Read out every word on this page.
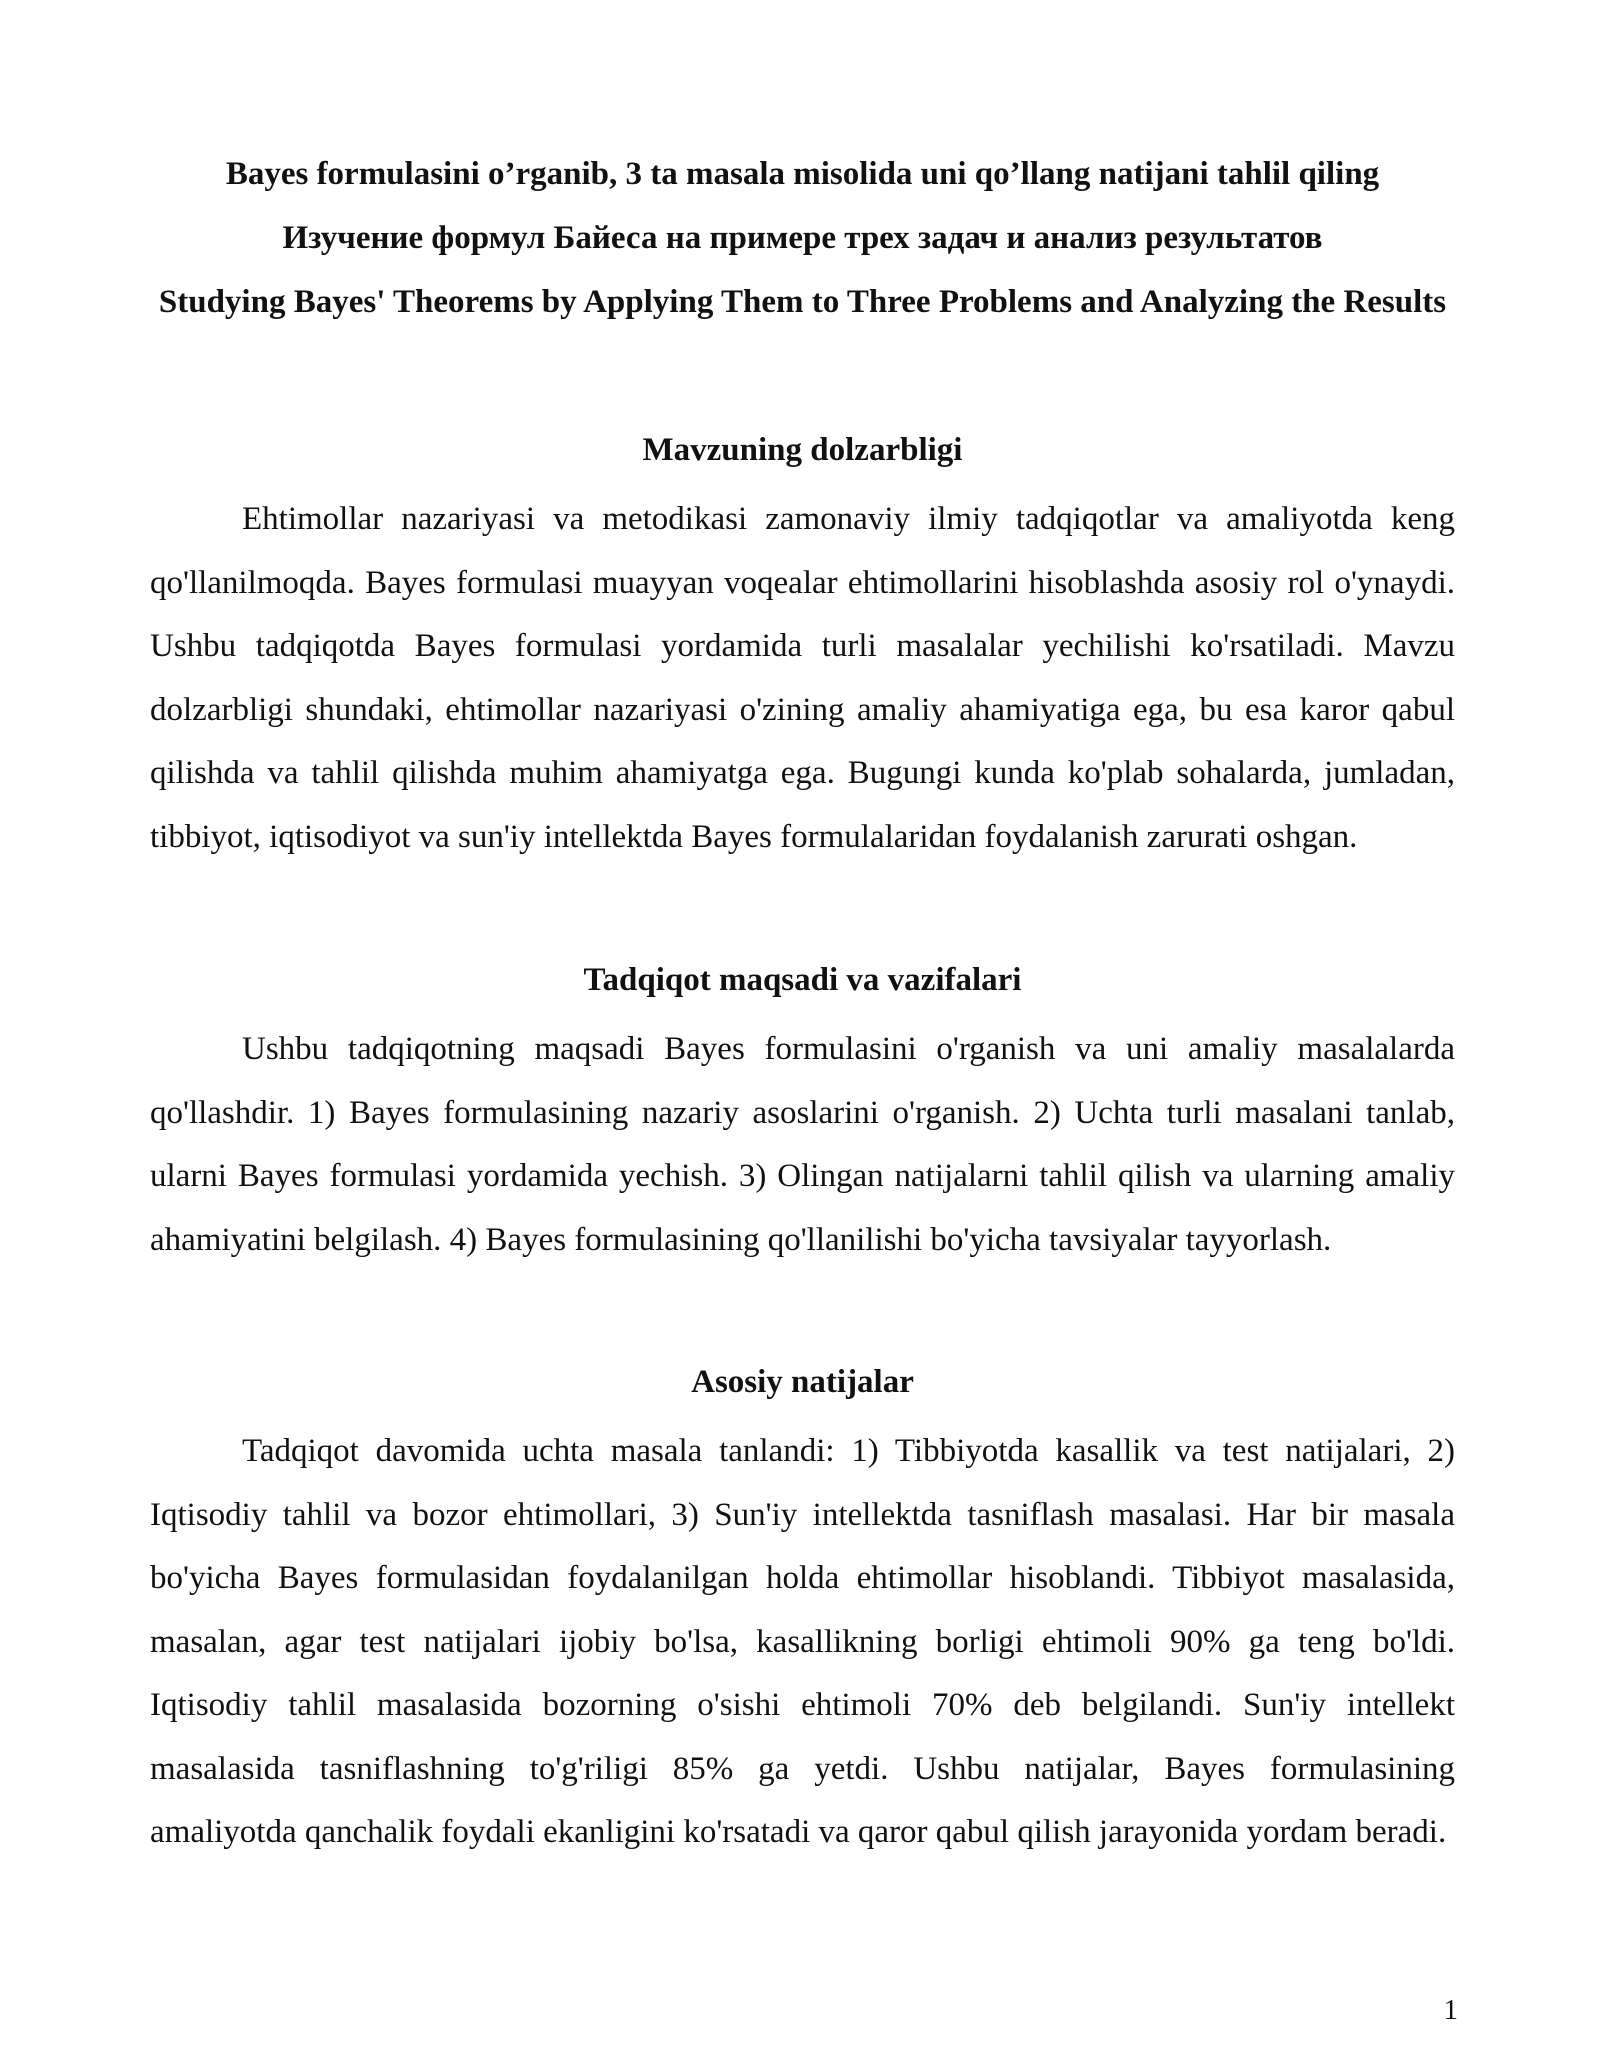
Bayes formulasini o’rganib, 3 ta masala misolida uni qo’llang natijani tahlil qiling
Изучение формул Байеса на примере трех задач и анализ результатов
Studying Bayes' Theorems by Applying Them to Three Problems and Analyzing the Results
Mavzuning dolzarbligi

Ehtimollar nazariyasi va metodikasi zamonaviy ilmiy tadqiqotlar va amaliyotda keng qo'llanilmoqda. Bayes formulasi muayyan voqealar ehtimollarini hisoblashda asosiy rol o'ynaydi. Ushbu tadqiqotda Bayes formulasi yordamida turli masalalar yechilishi ko'rsatiladi. Mavzu dolzarbligi shundaki, ehtimollar nazariyasi o'zining amaliy ahamiyatiga ega, bu esa karor qabul qilishda va tahlil qilishda muhim ahamiyatga ega. Bugungi kunda ko'plab sohalarda, jumladan, tibbiyot, iqtisodiyot va sun'iy intellektda Bayes formulalaridan foydalanish zarurati oshgan.

Tadqiqot maqsadi va vazifalari

Ushbu tadqiqotning maqsadi Bayes formulasini o'rganish va uni amaliy masalalarda qo'llashdir. 1) Bayes formulasining nazariy asoslarini o'rganish. 2) Uchta turli masalani tanlab, ularni Bayes formulasi yordamida yechish. 3) Olingan natijalarni tahlil qilish va ularning amaliy ahamiyatini belgilash. 4) Bayes formulasining qo'llanilishi bo'yicha tavsiyalar tayyorlash.

Asosiy natijalar

Tadqiqot davomida uchta masala tanlandi: 1) Tibbiyotda kasallik va test natijalari, 2) Iqtisodiy tahlil va bozor ehtimollari, 3) Sun'iy intellektda tasniflash masalasi. Har bir masala bo'yicha Bayes formulasidan foydalanilgan holda ehtimollar hisoblandi. Tibbiyot masalasida, masalan, agar test natijalari ijobiy bo'lsa, kasallikning borligi ehtimoli 90% ga teng bo'ldi. Iqtisodiy tahlil masalasida bozorning o'sishi ehtimoli 70% deb belgilandi. Sun'iy intellekt masalasida tasniflashning to'g'riligi 85% ga yetdi. Ushbu natijalar, Bayes formulasining amaliyotda qanchalik foydali ekanligini ko'rsatadi va qaror qabul qilish jarayonida yordam beradi.

1
